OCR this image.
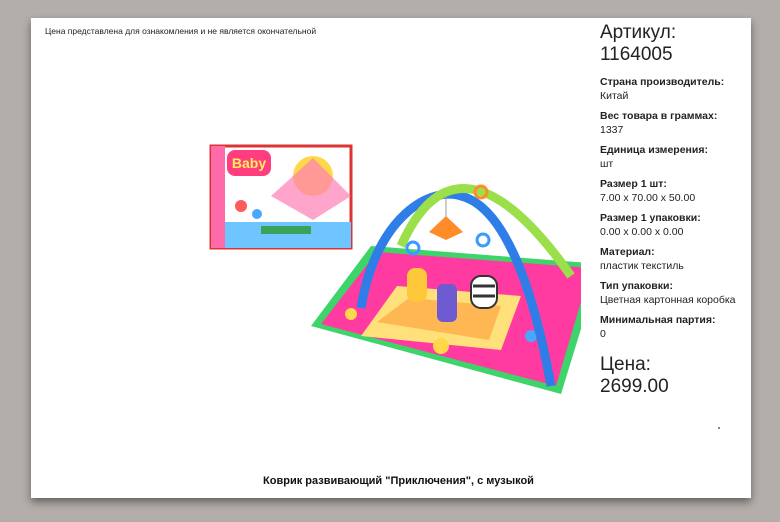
Цена представлена для ознакомления и не является окончательной
Baby
Артикул:
1164005
Страна производитель:
Китай
Вес товара в граммах:
1337
Единица измерения:
шт
Размер 1 шт:
7.00 x 70.00 x 50.00
Размер 1 упаковки:
0.00 x 0.00 x 0.00
Материал:
пластик текстиль
Тип упаковки:
Цветная картонная коробка
Минимальная партия:
0
Цена:
2699.00
Коврик развивающий "Приключения", с музыкой
